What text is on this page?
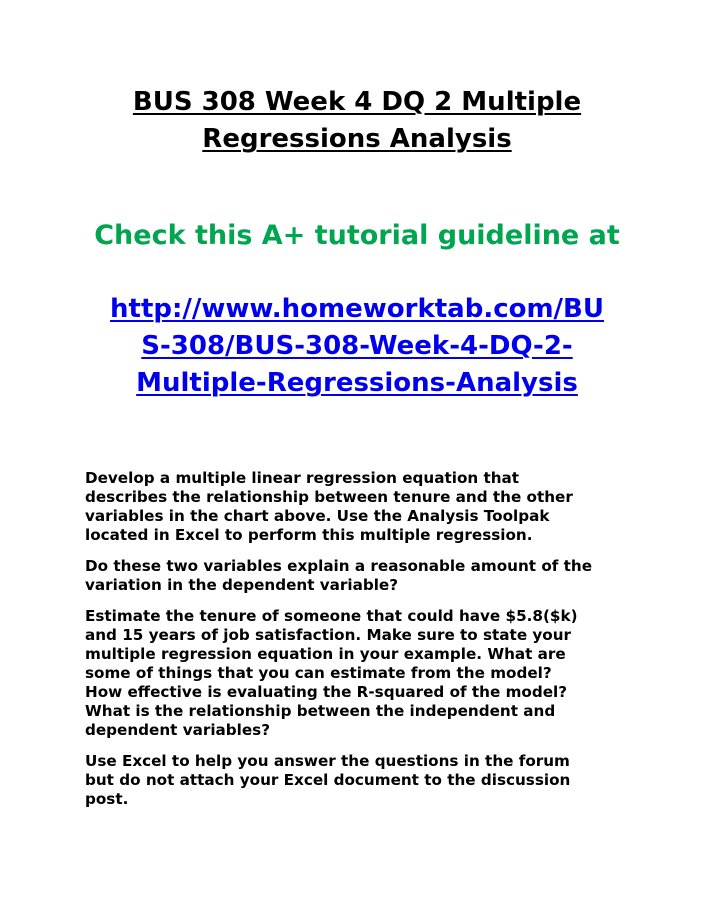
BUS 308 Week 4 DQ 2 Multiple
Regressions Analysis

Check this A+ tutorial guideline at

http://www.homeworktab.com/BU
S-308/BUS-308-Week-4-DQ-2-
Multiple-Regressions-Analysis

Develop a multiple linear regression equation that
describes the relationship between tenure and the other
variables in the chart above. Use the Analysis Toolpak
located in Excel to perform this multiple regression.

Do these two variables explain a reasonable amount of the
variation in the dependent variable?

Estimate the tenure of someone that could have $5.8($k)
and 15 years of job satisfaction. Make sure to state your
multiple regression equation in your example. What are
some of things that you can estimate from the model?
How effective is evaluating the R-squared of the model?
What is the relationship between the independent and
dependent variables?

Use Excel to help you answer the questions in the forum
but do not attach your Excel document to the discussion
post.
